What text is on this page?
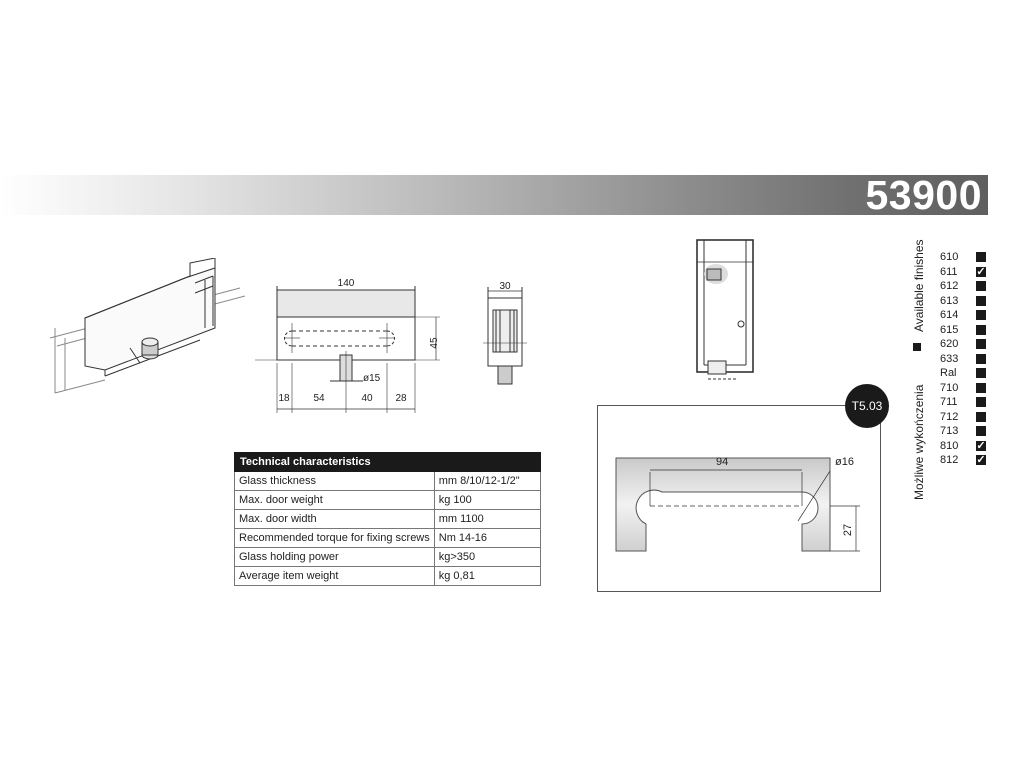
53900
140
45
ø15
18 54	40 28
30
Technical characteristics	
Glass thickness	mm 8/10/12-1/2"
Max. door weight	kg 100
Max. door width	mm 1100
Recommended torque for fixing screws	Nm 14-16
Glass holding power	kg>350
Average item weight	kg 0,81
94	ø16
27
T5.03
Available finishes
Możliwe wykończenia
610
611	✓
612
613
614
615
620
633
Ral
710
711
712
713
810	✓
812	✓
